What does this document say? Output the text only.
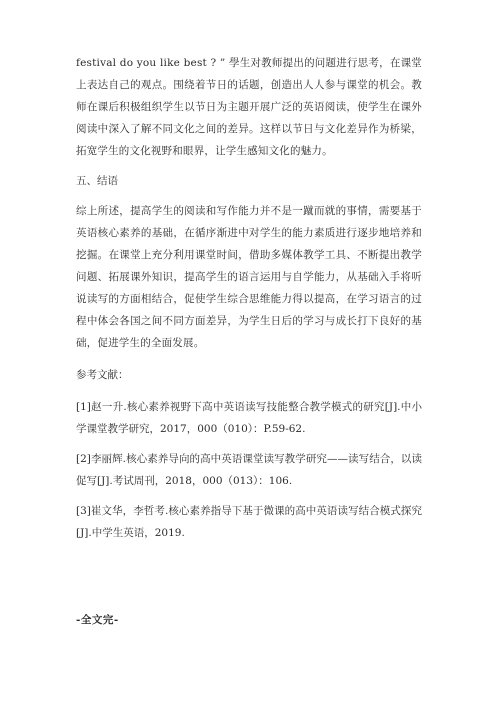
festival do you like best ? ” 學生对教师提出的问题进行思考，在课堂上表达自己的观点。围绕着节日的话题，创造出人人参与课堂的机会。教师在课后积极组织学生以节日为主题开展广泛的英语阅读，使学生在课外阅读中深入了解不同文化之间的差异。这样以节日与文化差异作为桥梁，拓宽学生的文化视野和眼界，让学生感知文化的魅力。

五、结语

综上所述，提高学生的阅读和写作能力并不是一蹴而就的事情，需要基于英语核心素养的基础，在循序渐进中对学生的能力素质进行逐步地培养和挖掘。在课堂上充分利用课堂时间，借助多媒体教学工具、不断提出教学问题、拓展课外知识，提高学生的语言运用与自学能力，从基础入手将听说读写的方面相结合，促使学生综合思维能力得以提高，在学习语言的过程中体会各国之间不同方面差异，为学生日后的学习与成长打下良好的基础，促进学生的全面发展。

参考文献：

[1]赵一升.核心素养视野下高中英语读写技能整合教学模式的研究[J].中小学课堂教学研究，2017，000（010）：P.59-62.

[2]李丽辉.核心素养导向的高中英语课堂读写教学研究——读写结合，以读促写[J].考试周刊，2018，000（013）：106.

[3]崔文华，李哲考.核心素养指导下基于微课的高中英语读写结合模式探究[J].中学生英语，2019.

-全文完-
